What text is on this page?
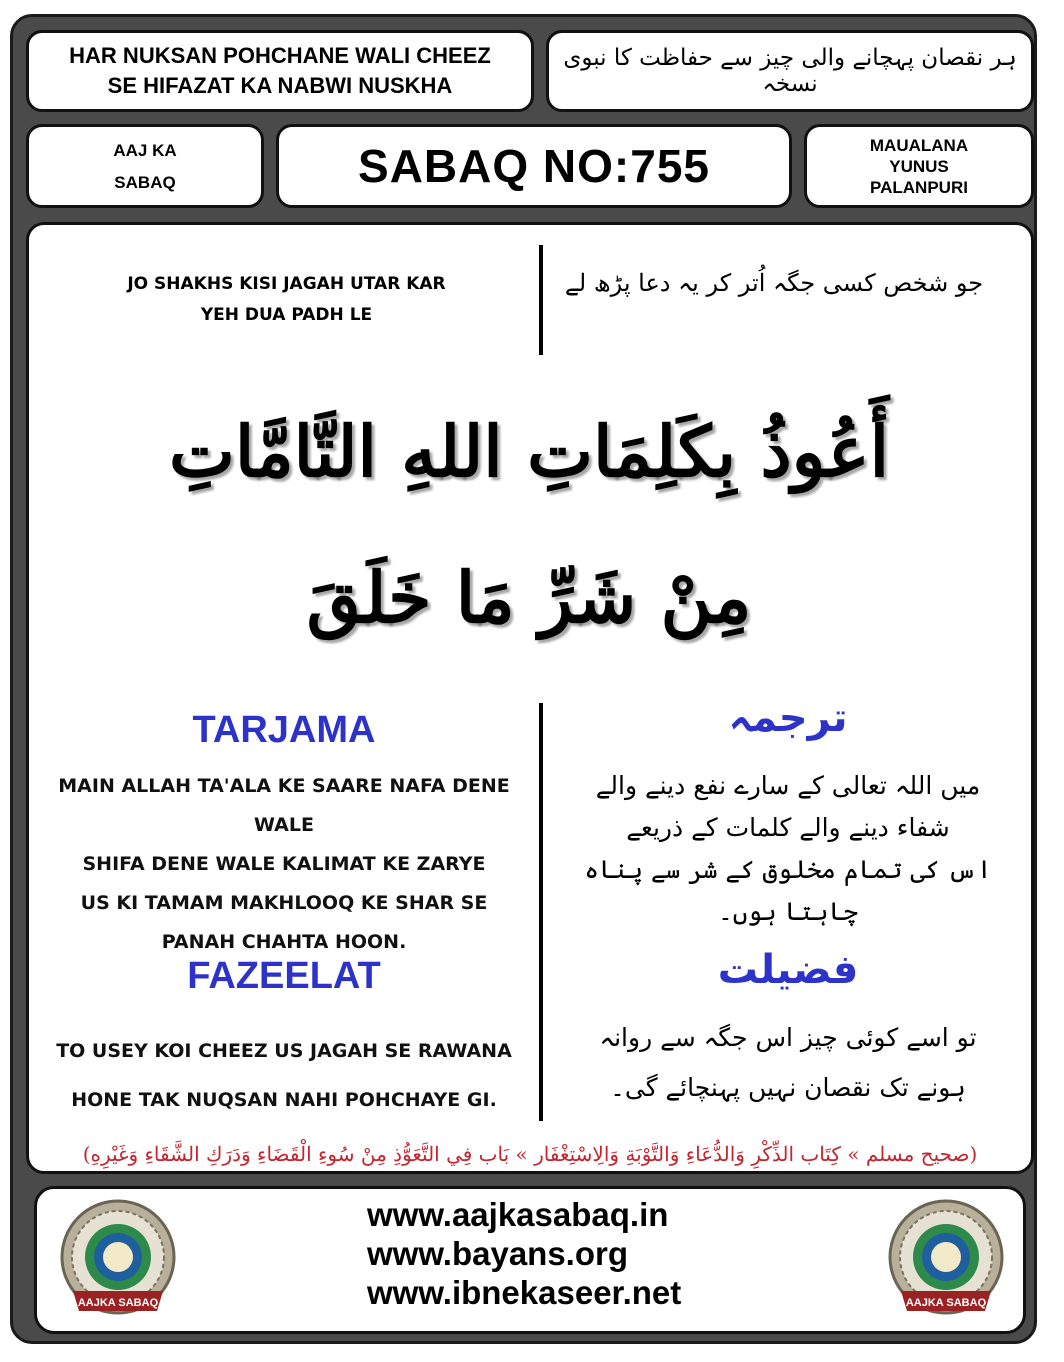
HAR NUKSAN POHCHANE WALI CHEEZ
SE HIFAZAT KA NABWI NUSKHA
ہر نقصان پہچانے والی چیز سے حفاظت کا نبوی نسخہ
AAJ KA
SABAQ	SABAQ NO:755	MAUALANA
YUNUS
PALANPURI
JO SHAKHS KISI JAGAH UTAR KAR
YEH DUA PADH LE
جو شخص کسی جگہ اُتر کر یہ دعا پڑھ لے
أَعُوذُ بِكَلِمَاتِ اللهِ التَّامَّاتِ
مِنْ شَرِّ مَا خَلَقَ
TARJAMA
MAIN ALLAH TA'ALA KE SAARE NAFA DENE WALE
SHIFA DENE WALE KALIMAT KE ZARYE
US KI TAMAM MAKHLOOQ KE SHAR SE
PANAH CHAHTA HOON.
ترجمہ
میں اللہ تعالی کے سارے نفع دینے والے
شفاء دینے والے کلمات کے ذریعے
اس کی تمام مخلوق کے شر سے پناہ چاہتا ہوں۔
FAZEELAT
TO USEY KOI CHEEZ US JAGAH SE RAWANA
HONE TAK NUQSAN NAHI POHCHAYE GI.
فضیلت
تو اسے کوئی چیز اس جگہ سے روانہ
ہونے تک نقصان نہیں پہنچائے گی۔
(صحيح مسلم » كِتَاب الذِّكْرِ وَالدُّعَاءِ وَالتَّوْبَةِ وَالِاسْتِغْفَار » بَاب فِي التَّعَوُّذِ مِنْ سُوءِ الْقَضَاءِ وَدَرَكِ الشَّقَاءِ وَغَيْرِهِ)
AAJKA SABAQ
www.aajkasabaq.in
www.bayans.org
www.ibnekaseer.net	AAJKA SABAQ
